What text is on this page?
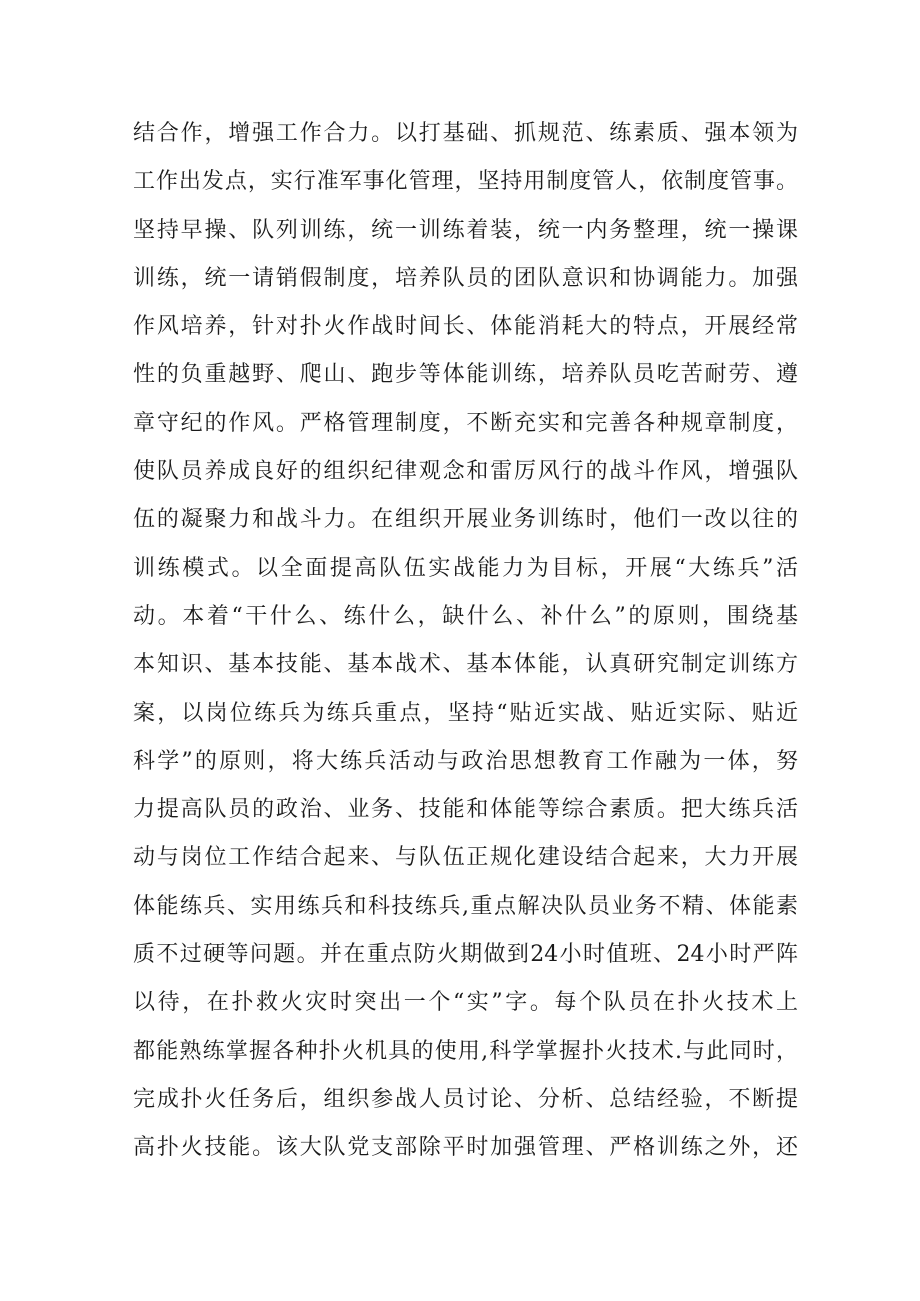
结合作，增强工作合力。以打基础、抓规范、练素质、强本领为
工作出发点，实行准军事化管理，坚持用制度管人，依制度管事。
坚持早操、队列训练，统一训练着装，统一内务整理，统一操课
训练，统一请销假制度，培养队员的团队意识和协调能力。加强
作风培养，针对扑火作战时间长、体能消耗大的特点，开展经常
性的负重越野、爬山、跑步等体能训练，培养队员吃苦耐劳、遵
章守纪的作风。严格管理制度，不断充实和完善各种规章制度，
使队员养成良好的组织纪律观念和雷厉风行的战斗作风，增强队
伍的凝聚力和战斗力。在组织开展业务训练时，他们一改以往的
训练模式。以全面提高队伍实战能力为目标，开展“大练兵”活
动。本着“干什么、练什么，缺什么、补什么”的原则，围绕基
本知识、基本技能、基本战术、基本体能，认真研究制定训练方
案，以岗位练兵为练兵重点，坚持“贴近实战、贴近实际、贴近
科学”的原则，将大练兵活动与政治思想教育工作融为一体，努
力提高队员的政治、业务、技能和体能等综合素质。把大练兵活
动与岗位工作结合起来、与队伍正规化建设结合起来，大力开展
体能练兵、实用练兵和科技练兵,重点解决队员业务不精、体能素
质不过硬等问题。并在重点防火期做到24小时值班、24小时严阵
以待，在扑救火灾时突出一个“实”字。每个队员在扑火技术上
都能熟练掌握各种扑火机具的使用,科学掌握扑火技术.与此同时，
完成扑火任务后，组织参战人员讨论、分析、总结经验，不断提
高扑火技能。该大队党支部除平时加强管理、严格训练之外，还
